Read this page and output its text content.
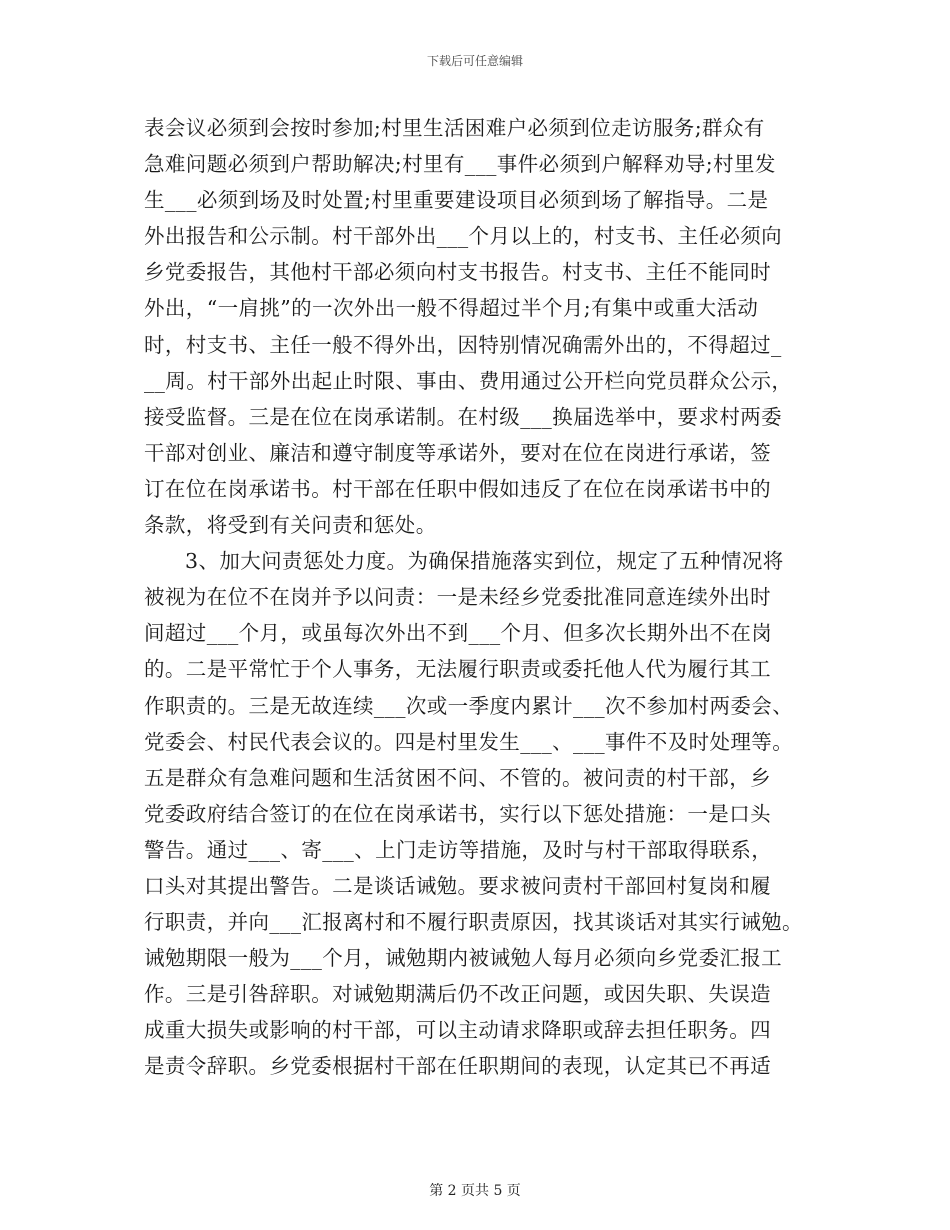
下载后可任意编辑
表会议必须到会按时参加;村里生活困难户必须到位走访服务;群众有
急难问题必须到户帮助解决;村里有___事件必须到户解释劝导;村里发
生___必须到场及时处置;村里重要建设项目必须到场了解指导。二是
外出报告和公示制。村干部外出___个月以上的，村支书、主任必须向
乡党委报告，其他村干部必须向村支书报告。村支书、主任不能同时
外出，“一肩挑”的一次外出一般不得超过半个月;有集中或重大活动
时，村支书、主任一般不得外出，因特别情况确需外出的，不得超过_
__周。村干部外出起止时限、事由、费用通过公开栏向党员群众公示，
接受监督。三是在位在岗承诺制。在村级___换届选举中，要求村两委
干部对创业、廉洁和遵守制度等承诺外，要对在位在岗进行承诺，签
订在位在岗承诺书。村干部在任职中假如违反了在位在岗承诺书中的
条款，将受到有关问责和惩处。
3、加大问责惩处力度。为确保措施落实到位，规定了五种情况将
被视为在位不在岗并予以问责：一是未经乡党委批准同意连续外出时
间超过___个月，或虽每次外出不到___个月、但多次长期外出不在岗
的。二是平常忙于个人事务，无法履行职责或委托他人代为履行其工
作职责的。三是无故连续___次或一季度内累计___次不参加村两委会、
党委会、村民代表会议的。四是村里发生___、___事件不及时处理等。
五是群众有急难问题和生活贫困不问、不管的。被问责的村干部，乡
党委政府结合签订的在位在岗承诺书，实行以下惩处措施：一是口头
警告。通过___、寄___、上门走访等措施，及时与村干部取得联系，
口头对其提出警告。二是谈话诫勉。要求被问责村干部回村复岗和履
行职责，并向___汇报离村和不履行职责原因，找其谈话对其实行诫勉。
诫勉期限一般为___个月，诫勉期内被诫勉人每月必须向乡党委汇报工
作。三是引咎辞职。对诫勉期满后仍不改正问题，或因失职、失误造
成重大损失或影响的村干部，可以主动请求降职或辞去担任职务。四
是责令辞职。乡党委根据村干部在任职期间的表现，认定其已不再适
第 2 页共 5 页
